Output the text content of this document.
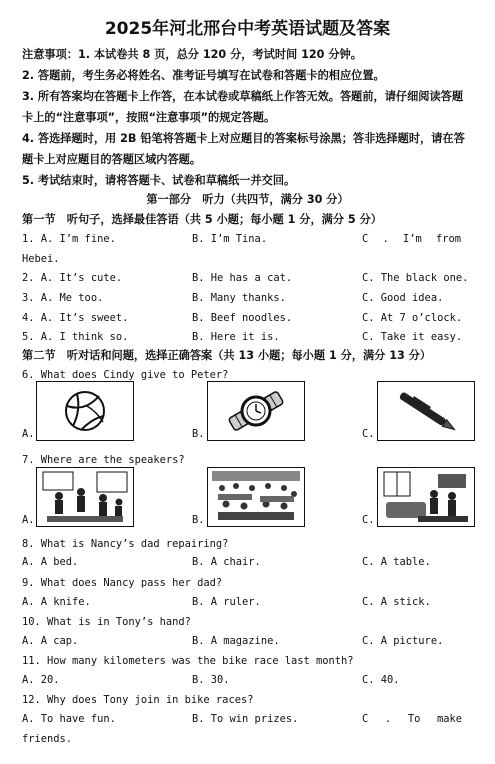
2025年河北邢台中考英语试题及答案
注意事项：1. 本试卷共 8 页，总分 120 分，考试时间 120 分钟。
2. 答题前，考生务必将姓名、准考证号填写在试卷和答题卡的相应位置。
3. 所有答案均在答题卡上作答，在本试卷或草稿纸上作答无效。答题前，请仔细阅读答题
卡上的“注意事项”，按照“注意事项”的规定答题。
4. 答选择题时，用 2B 铅笔将答题卡上对应题目的答案标号涂黑；答非选择题时，请在答
题卡上对应题目的答题区域内答题。
5. 考试结束时，请将答题卡、试卷和草稿纸一并交回。
第一部分　听力（共四节，满分 30 分）
第一节　听句子，选择最佳答语（共 5 小题；每小题 1 分，满分 5 分）
1. A. I’m fine.	B. I’m Tina.	C . I’m from
Hebei.
2. A. It’s cute.	B. He has a cat.	C. The black one.
3. A. Me too.	B. Many thanks.	C. Good idea.
4. A. It’s sweet.	B. Beef noodles.	C. At 7 o’clock.
5. A. I think so.	B. Here it is.	C. Take it easy.
第二节　听对话和问题，选择正确答案（共 13 小题；每小题 1 分，满分 13 分）
6. What does Cindy give to Peter?
A.	B.	C.
7. Where are the speakers?
A.	B.	C.
8. What is Nancy’s dad repairing?
A. A bed.	B. A chair.	C. A table.
9. What does Nancy pass her dad?
A. A knife.	B. A ruler.	C. A stick.
10. What is in Tony’s hand?
A. A cap.	B. A magazine.	C. A picture.
11. How many kilometers was the bike race last month?
A. 20.	B. 30.	C. 40.
12. Why does Tony join in bike races?
A. To have fun.	B. To win prizes.	C . To make
friends.
